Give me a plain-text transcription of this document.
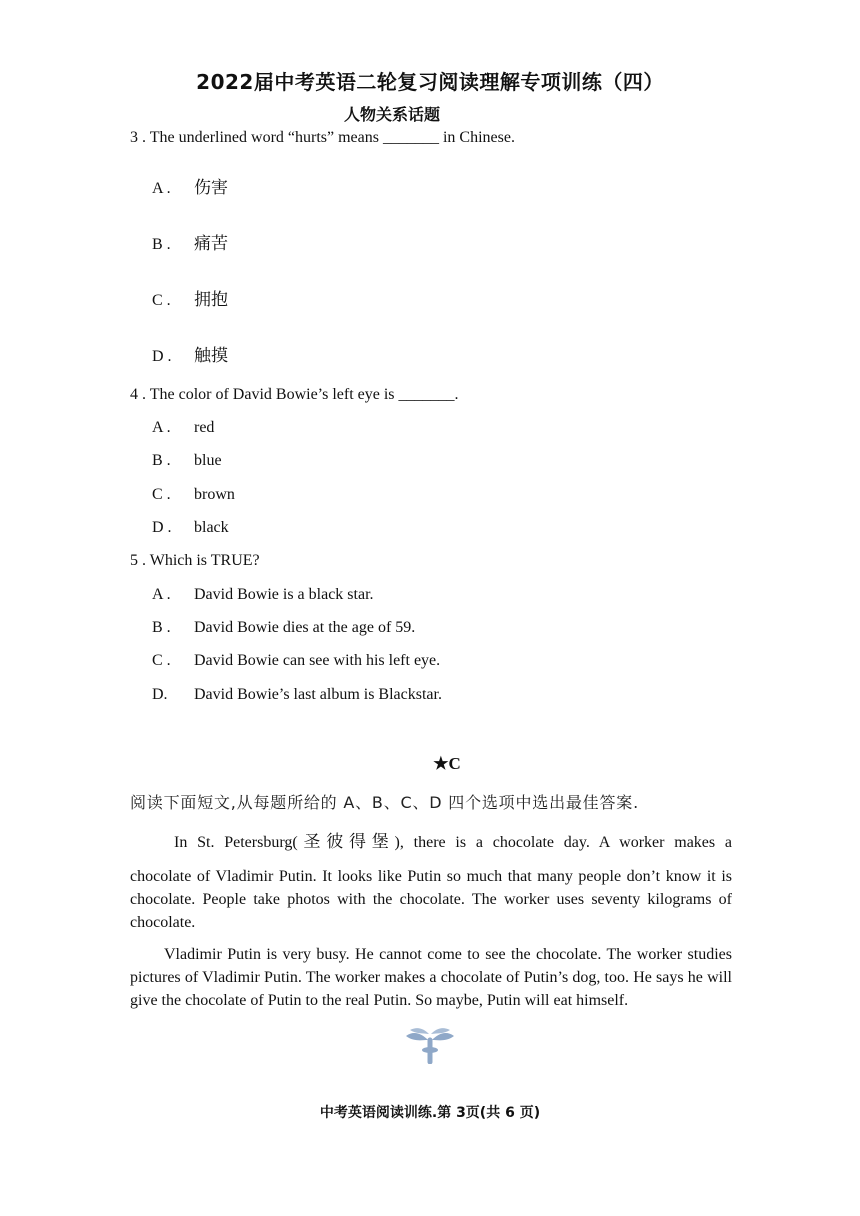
2022届中考英语二轮复习阅读理解专项训练（四）
人物关系话题
3 . The underlined word “hurts” means _______ in Chinese.
A . 伤害
B . 痛苦
C . 拥抱
D . 触摸
4 . The color of David Bowie’s left eye is _______.
A . red
B . blue
C . brown
D . black
5 . Which is TRUE?
A . David Bowie is a black star.
B . David Bowie dies at the age of 59.
C . David Bowie can see with his left eye.
D. David Bowie’s last album is Blackstar.
★C
阅读下面短文,从每题所给的 A、B、C、D 四个选项中选出最佳答案.
In St. Petersburg(圣彼得堡), there is a chocolate day. A worker makes a
chocolate of Vladimir Putin. It looks like Putin so much that many people don’t know it is chocolate. People take photos with the chocolate. The worker uses seventy kilograms of chocolate.
Vladimir Putin is very busy. He cannot come to see the chocolate. The worker studies pictures of Vladimir Putin. The worker makes a chocolate of Putin’s dog, too. He says he will give the chocolate of Putin to the real Putin. So maybe, Putin will eat himself.
中考英语阅读训练.第 3页(共 6 页)
